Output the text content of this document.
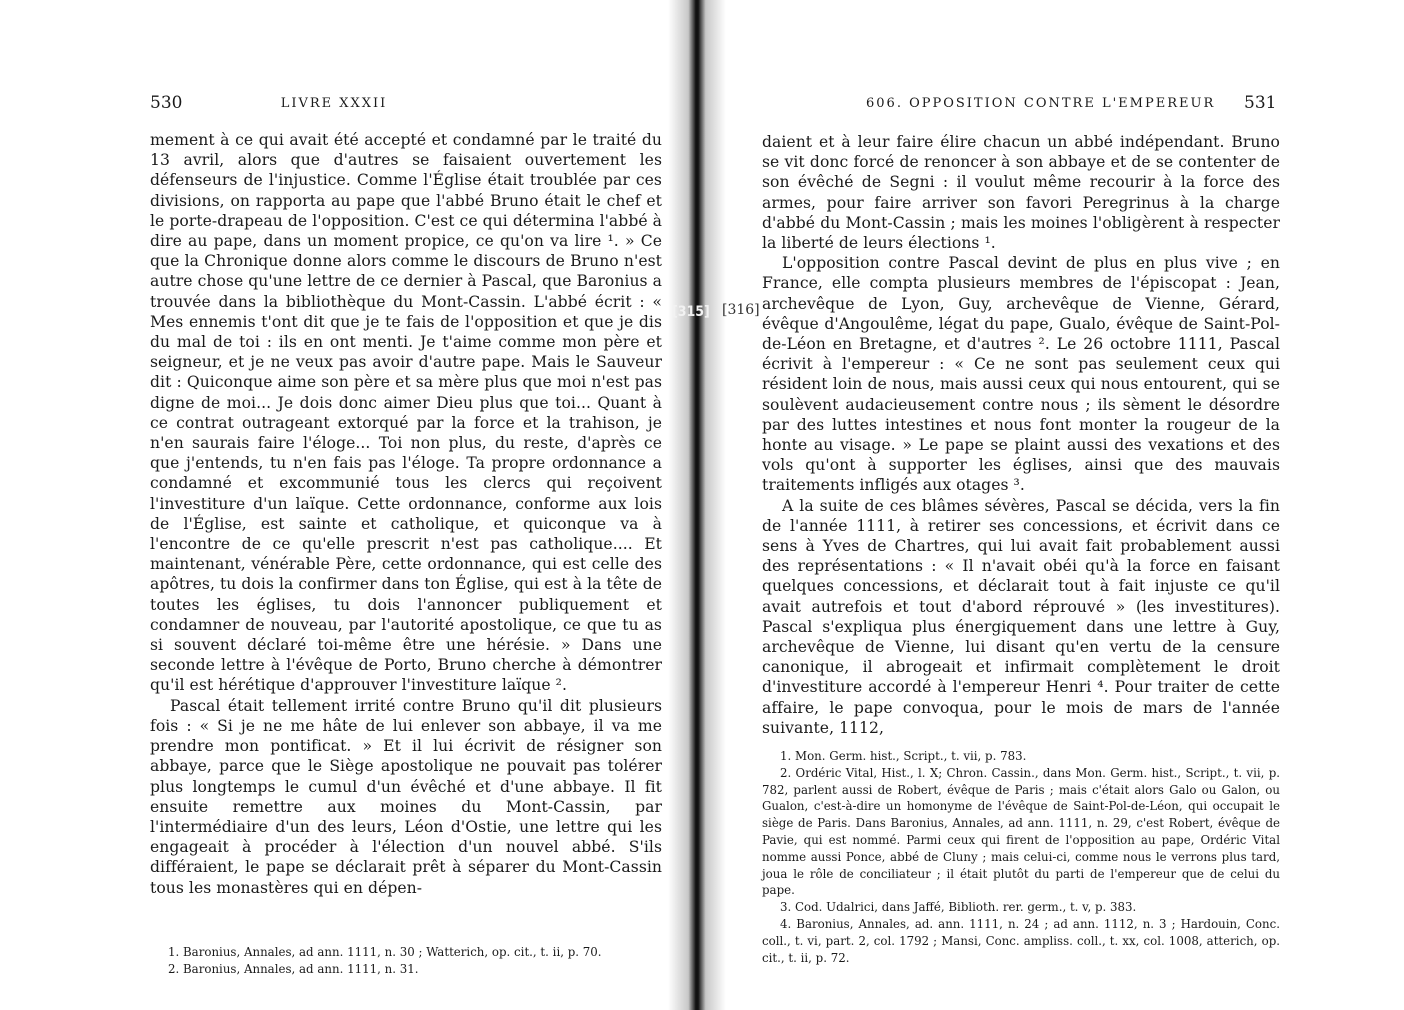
530	LIVRE XXXII

mement à ce qui avait été accepté et condamné par le traité du 13 avril, alors que d'autres se faisaient ouvertement les défenseurs de l'injustice. Comme l'Église était troublée par ces divisions, on rapporta au pape que l'abbé Bruno était le chef et le porte-drapeau de l'opposition. C'est ce qui détermina l'abbé à dire au pape, dans un moment propice, ce qu'on va lire ¹. » Ce que la Chronique donne alors comme le discours de Bruno n'est autre chose qu'une lettre de ce dernier à Pascal, que Baronius a trouvée dans la bibliothèque du Mont-Cassin. L'abbé écrit : « Mes ennemis t'ont dit que je te fais de l'opposition et que je dis du mal de toi : ils en ont menti. Je t'aime comme mon père et seigneur, et je ne veux pas avoir d'autre pape. Mais le Sauveur dit : Quiconque aime son père et sa mère plus que moi n'est pas digne de moi... Je dois donc aimer Dieu plus que toi... Quant à ce contrat outrageant extorqué par la force et la trahison, je n'en saurais faire l'éloge... Toi non plus, du reste, d'après ce que j'entends, tu n'en fais pas l'éloge. Ta propre ordonnance a condamné et excommunié tous les clercs qui reçoivent l'investiture d'un laïque. Cette ordonnance, conforme aux lois de l'Église, est sainte et catholique, et quiconque va à l'encontre de ce qu'elle prescrit n'est pas catholique.... Et maintenant, vénérable Père, cette ordonnance, qui est celle des apôtres, tu dois la confirmer dans ton Église, qui est à la tête de toutes les églises, tu dois l'annoncer publiquement et condamner de nouveau, par l'autorité apostolique, ce que tu as si souvent déclaré toi-même être une hérésie. » Dans une seconde lettre à l'évêque de Porto, Bruno cherche à démontrer qu'il est hérétique d'approuver l'investiture laïque ².

Pascal était tellement irrité contre Bruno qu'il dit plusieurs fois : « Si je ne me hâte de lui enlever son abbaye, il va me prendre mon pontificat. » Et il lui écrivit de résigner son abbaye, parce que le Siège apostolique ne pouvait pas tolérer plus longtemps le cumul d'un évêché et d'une abbaye. Il fit ensuite remettre aux moines du Mont-Cassin, par l'intermédiaire d'un des leurs, Léon d'Ostie, une lettre qui les engageait à procéder à l'élection d'un nouvel abbé. S'ils différaient, le pape se déclarait prêt à séparer du Mont-Cassin tous les monastères qui en dépen-

1. Baronius, Annales, ad ann. 1111, n. 30 ; Watterich, op. cit., t. ii, p. 70.

2. Baronius, Annales, ad ann. 1111, n. 31.

[315] [316]
606. OPPOSITION CONTRE L'EMPEREUR 531

daient et à leur faire élire chacun un abbé indépendant. Bruno se vit donc forcé de renoncer à son abbaye et de se contenter de son évêché de Segni : il voulut même recourir à la force des armes, pour faire arriver son favori Peregrinus à la charge d'abbé du Mont-Cassin ; mais les moines l'obligèrent à respecter la liberté de leurs élections ¹.

L'opposition contre Pascal devint de plus en plus vive ; en France, elle compta plusieurs membres de l'épiscopat : Jean, archevêque de Lyon, Guy, archevêque de Vienne, Gérard, évêque d'Angoulême, légat du pape, Gualo, évêque de Saint-Pol-de-Léon en Bretagne, et d'autres ². Le 26 octobre 1111, Pascal écrivit à l'empereur : « Ce ne sont pas seulement ceux qui résident loin de nous, mais aussi ceux qui nous entourent, qui se soulèvent audacieusement contre nous ; ils sèment le désordre par des luttes intestines et nous font monter la rougeur de la honte au visage. » Le pape se plaint aussi des vexations et des vols qu'ont à supporter les églises, ainsi que des mauvais traitements infligés aux otages ³.

A la suite de ces blâmes sévères, Pascal se décida, vers la fin de l'année 1111, à retirer ses concessions, et écrivit dans ce sens à Yves de Chartres, qui lui avait fait probablement aussi des représentations : « Il n'avait obéi qu'à la force en faisant quelques concessions, et déclarait tout à fait injuste ce qu'il avait autrefois et tout d'abord réprouvé » (les investitures). Pascal s'expliqua plus énergiquement dans une lettre à Guy, archevêque de Vienne, lui disant qu'en vertu de la censure canonique, il abrogeait et infirmait complètement le droit d'investiture accordé à l'empereur Henri ⁴. Pour traiter de cette affaire, le pape convoqua, pour le mois de mars de l'année suivante, 1112,

1. Mon. Germ. hist., Script., t. vii, p. 783.

2. Ordéric Vital, Hist., l. X; Chron. Cassin., dans Mon. Germ. hist., Script., t. vii, p. 782, parlent aussi de Robert, évêque de Paris ; mais c'était alors Galo ou Galon, ou Gualon, c'est-à-dire un homonyme de l'évêque de Saint-Pol-de-Léon, qui occupait le siège de Paris. Dans Baronius, Annales, ad ann. 1111, n. 29, c'est Robert, évêque de Pavie, qui est nommé. Parmi ceux qui firent de l'opposition au pape, Ordéric Vital nomme aussi Ponce, abbé de Cluny ; mais celui-ci, comme nous le verrons plus tard, joua le rôle de conciliateur ; il était plutôt du parti de l'empereur que de celui du pape.

3. Cod. Udalrici, dans Jaffé, Biblioth. rer. germ., t. v, p. 383.

4. Baronius, Annales, ad. ann. 1111, n. 24 ; ad ann. 1112, n. 3 ; Hardouin, Conc. coll., t. vi, part. 2, col. 1792 ; Mansi, Conc. ampliss. coll., t. xx, col. 1008, atterich, op. cit., t. ii, p. 72.
